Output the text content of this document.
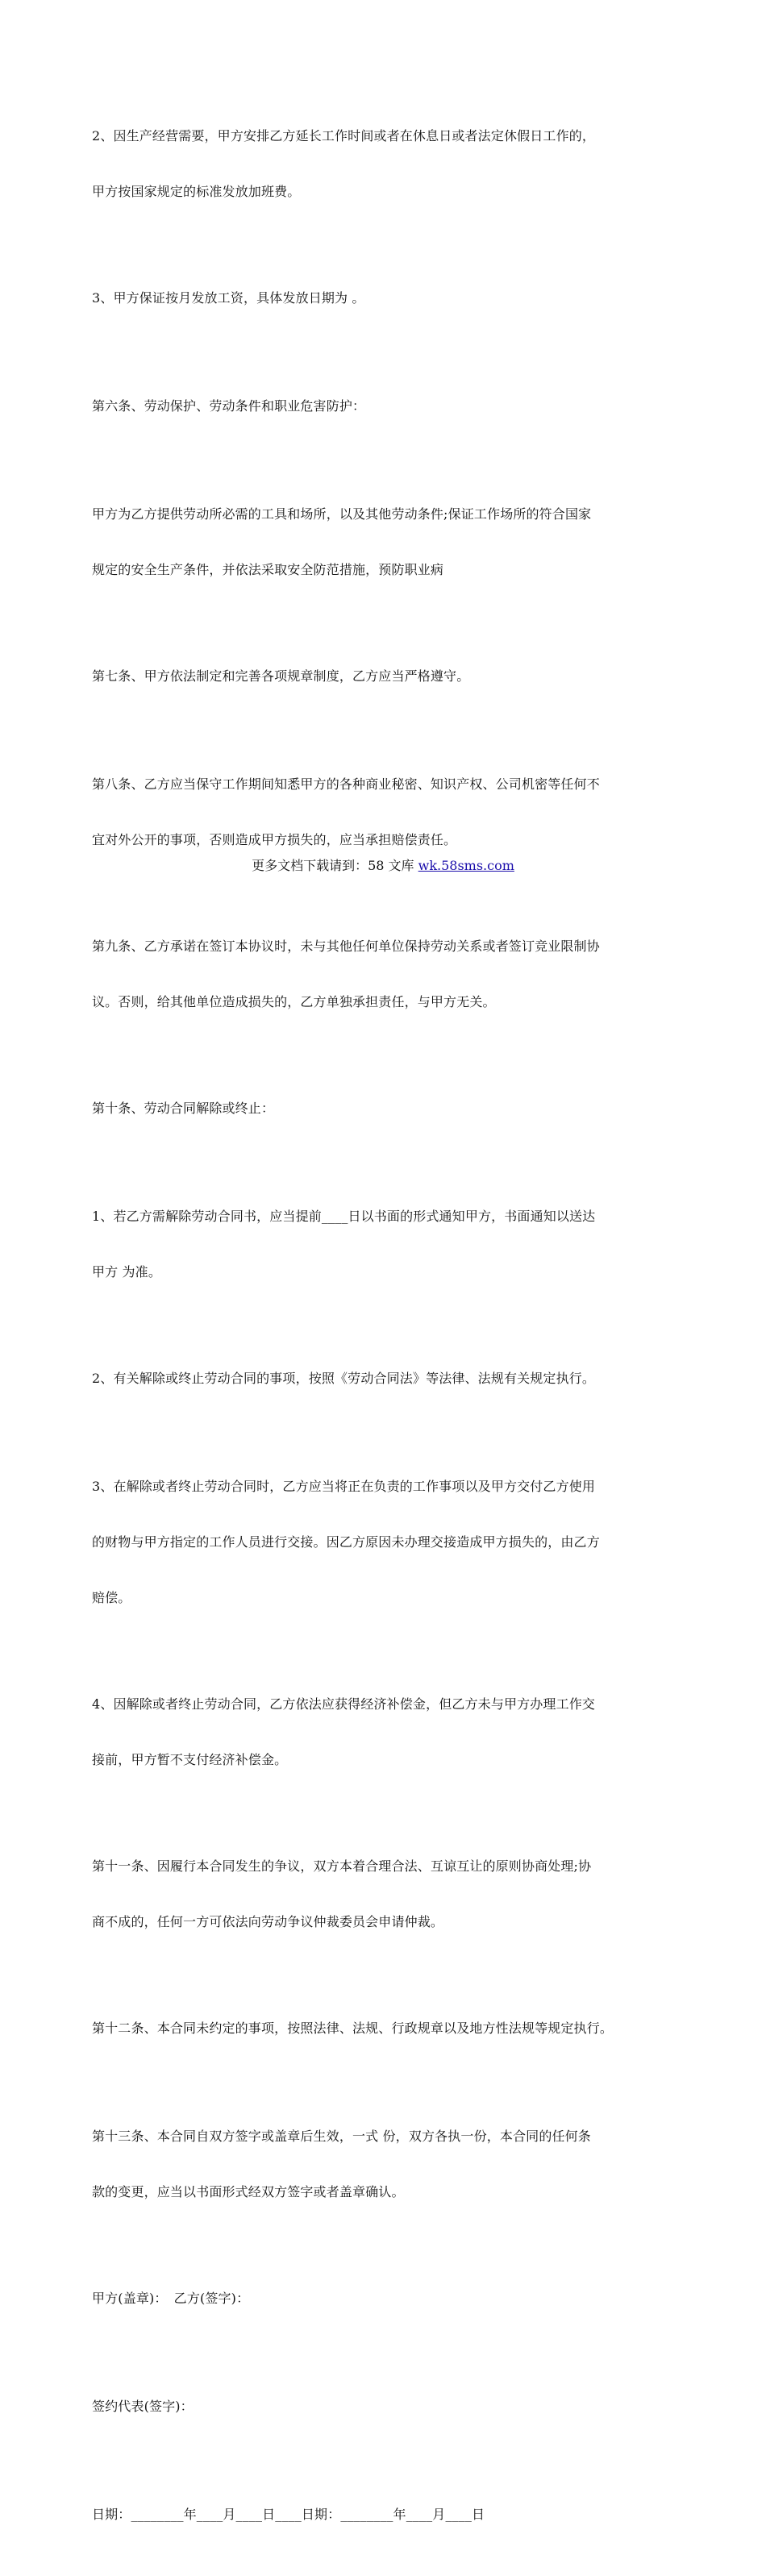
2、因生产经营需要，甲方安排乙方延长工作时间或者在休息日或者法定休假日工作的，

甲方按国家规定的标准发放加班费。

3、甲方保证按月发放工资，具体发放日期为 。

第六条、劳动保护、劳动条件和职业危害防护：

甲方为乙方提供劳动所必需的工具和场所，以及其他劳动条件;保证工作场所的符合国家

规定的安全生产条件，并依法采取安全防范措施，预防职业病

第七条、甲方依法制定和完善各项规章制度，乙方应当严格遵守。

第八条、乙方应当保守工作期间知悉甲方的各种商业秘密、知识产权、公司机密等任何不

宜对外公开的事项，否则造成甲方损失的，应当承担赔偿责任。

第九条、乙方承诺在签订本协议时，未与其他任何单位保持劳动关系或者签订竞业限制协

议。否则，给其他单位造成损失的，乙方单独承担责任，与甲方无关。

第十条、劳动合同解除或终止：

1、若乙方需解除劳动合同书，应当提前____日以书面的形式通知甲方，书面通知以送达

甲方 为准。

2、有关解除或终止劳动合同的事项，按照《劳动合同法》等法律、法规有关规定执行。

3、在解除或者终止劳动合同时，乙方应当将正在负责的工作事项以及甲方交付乙方使用

的财物与甲方指定的工作人员进行交接。因乙方原因未办理交接造成甲方损失的，由乙方

赔偿。

4、因解除或者终止劳动合同，乙方依法应获得经济补偿金，但乙方未与甲方办理工作交

接前，甲方暂不支付经济补偿金。

第十一条、因履行本合同发生的争议，双方本着合理合法、互谅互让的原则协商处理;协

商不成的，任何一方可依法向劳动争议仲裁委员会申请仲裁。

第十二条、本合同未约定的事项，按照法律、法规、行政规章以及地方性法规等规定执行。

第十三条、本合同自双方签字或盖章后生效，一式 份，双方各执一份，本合同的任何条

款的变更，应当以书面形式经双方签字或者盖章确认。

甲方(盖章)：　乙方(签字)：

签约代表(签字)：

日期：________年____月____日____日期：________年____月____日

更多文档下载请到：58 文库 wk.58sms.com
